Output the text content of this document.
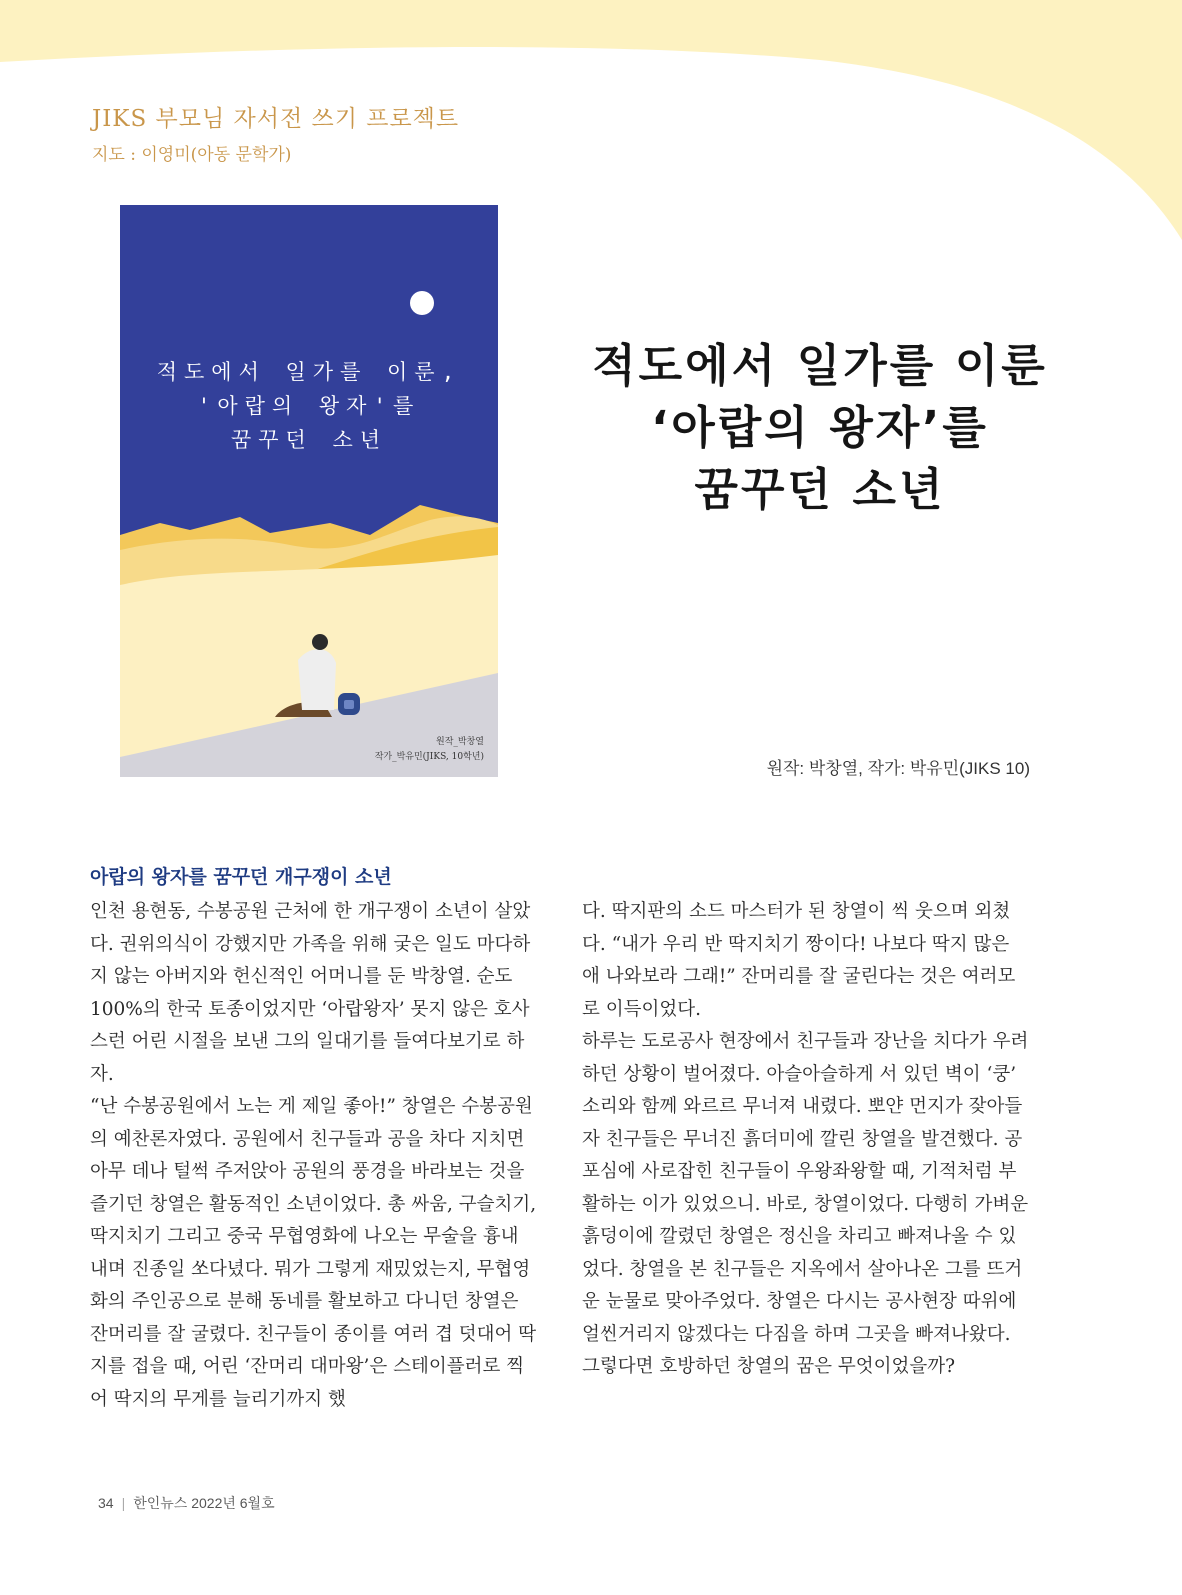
JIKS 부모님 자서전 쓰기 프로젝트

지도 : 이영미(아동 문학가)

적도에서 일가를 이룬,
'아랍의 왕자'를
꿈꾸던 소년

원작_박창열
작가_박유민(JIKS, 10학년)
적도에서 일가를 이룬
‘아랍의 왕자’를
꿈꾸던 소년

원작: 박창열, 작가: 박유민(JIKS 10)

아랍의 왕자를 꿈꾸던 개구쟁이 소년

인천 용현동, 수봉공원 근처에 한 개구쟁이 소년이 살았다. 권위의식이 강했지만 가족을 위해 궂은 일도 마다하지 않는 아버지와 헌신적인 어머니를 둔 박창열. 순도 100%의 한국 토종이었지만 ‘아랍왕자’ 못지 않은 호사스런 어린 시절을 보낸 그의 일대기를 들여다보기로 하자.

“난 수봉공원에서 노는 게 제일 좋아!” 창열은 수봉공원의 예찬론자였다. 공원에서 친구들과 공을 차다 지치면 아무 데나 털썩 주저앉아 공원의 풍경을 바라보는 것을 즐기던 창열은 활동적인 소년이었다. 총 싸움, 구슬치기, 딱지치기 그리고 중국 무협영화에 나오는 무술을 흉내 내며 진종일 쏘다녔다. 뭐가 그렇게 재밌었는지, 무협영화의 주인공으로 분해 동네를 활보하고 다니던 창열은 잔머리를 잘 굴렸다. 친구들이 종이를 여러 겹 덧대어 딱지를 접을 때, 어린 ‘잔머리 대마왕’은 스테이플러로 찍어 딱지의 무게를 늘리기까지 했

다. 딱지판의 소드 마스터가 된 창열이 씩 웃으며 외쳤다. “내가 우리 반 딱지치기 짱이다! 나보다 딱지 많은 애 나와보라 그래!” 잔머리를 잘 굴린다는 것은 여러모로 이득이었다.

하루는 도로공사 현장에서 친구들과 장난을 치다가 우려하던 상황이 벌어졌다. 아슬아슬하게 서 있던 벽이 ‘쿵’ 소리와 함께 와르르 무너져 내렸다. 뽀얀 먼지가 잦아들자 친구들은 무너진 흙더미에 깔린 창열을 발견했다. 공포심에 사로잡힌 친구들이 우왕좌왕할 때, 기적처럼 부활하는 이가 있었으니. 바로, 창열이었다. 다행히 가벼운 흙덩이에 깔렸던 창열은 정신을 차리고 빠져나올 수 있었다. 창열을 본 친구들은 지옥에서 살아나온 그를 뜨거운 눈물로 맞아주었다. 창열은 다시는 공사현장 따위에 얼씬거리지 않겠다는 다짐을 하며 그곳을 빠져나왔다.

그렇다면 호방하던 창열의 꿈은 무엇이었을까?

34 | 한인뉴스 2022년 6월호
